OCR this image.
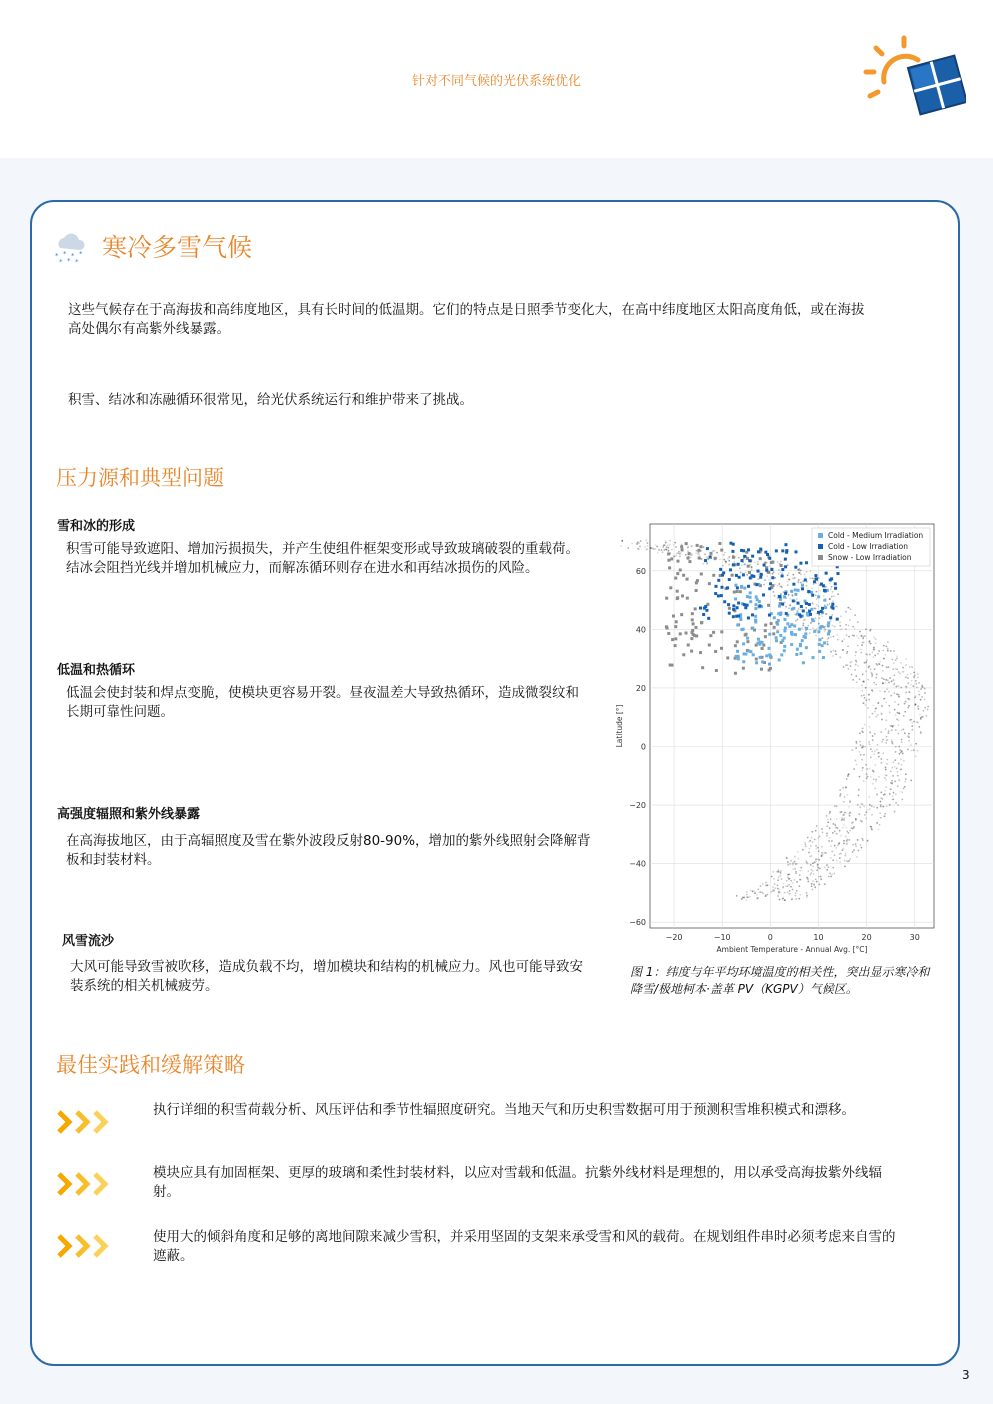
针对不同气候的光伏系统优化
* * * *
* * * 寒冷多雪气候

这些气候存在于高海拔和高纬度地区，具有长时间的低温期。它们的特点是日照季节变化大，在高中纬度地区太阳高度角低，或在海拔高处偶尔有高紫外线暴露。

积雪、结冰和冻融循环很常见，给光伏系统运行和维护带来了挑战。

压力源和典型问题
雪和冰的形成

积雪可能导致遮阳、增加污损损失，并产生使组件框架变形或导致玻璃破裂的重载荷。结冰会阻挡光线并增加机械应力，而解冻循环则存在进水和再结冰损伤的风险。

低温和热循环

低温会使封装和焊点变脆，使模块更容易开裂。昼夜温差大导致热循环，造成微裂纹和长期可靠性问题。

高强度辐照和紫外线暴露

在高海拔地区，由于高辐照度及雪在紫外波段反射80-90%，增加的紫外线照射会降解背板和封装材料。

风雪流沙

大风可能导致雪被吹移，造成负载不均，增加模块和结构的机械应力。风也可能导致安装系统的相关机械疲劳。

−20	−10	0	10	20	30
−60
−40
−20
0
20
40
60
Ambient Temperature - Annual Avg. [°C]
Latitude [°]
Cold - Medium Irradiation
Cold - Low Irradiation
Snow - Low Irradiation

图 1：纬度与年平均环境温度的相关性，突出显示寒冷和降雪/极地柯本·盖革 PV（KGPV）气候区。

最佳实践和缓解策略

执行详细的积雪荷载分析、风压评估和季节性辐照度研究。当地天气和历史积雪数据可用于预测积雪堆积模式和漂移。

模块应具有加固框架、更厚的玻璃和柔性封装材料，以应对雪载和低温。抗紫外线材料是理想的，用以承受高海拔紫外线辐射。

使用大的倾斜角度和足够的离地间隙来减少雪积，并采用坚固的支架来承受雪和风的载荷。在规划组件串时必须考虑来自雪的遮蔽。

3
